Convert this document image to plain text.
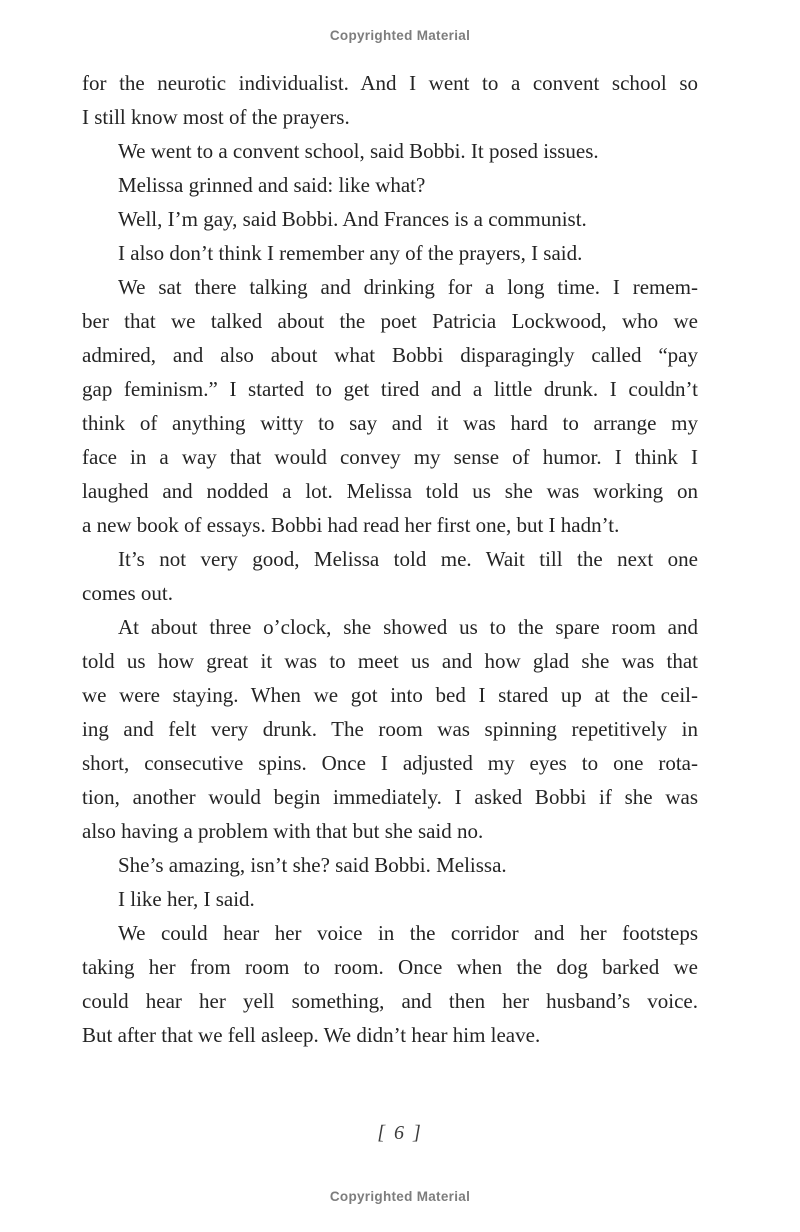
Copyrighted Material
for the neurotic individualist. And I went to a convent school so
I still know most of the prayers.
We went to a convent school, said Bobbi. It posed issues.
Melissa grinned and said: like what?
Well, I’m gay, said Bobbi. And Frances is a communist.
I also don’t think I remember any of the prayers, I said.
We sat there talking and drinking for a long time. I remem-
ber that we talked about the poet Patricia Lockwood, who we
admired, and also about what Bobbi disparagingly called “pay
gap feminism.” I started to get tired and a little drunk. I couldn’t
think of anything witty to say and it was hard to arrange my
face in a way that would convey my sense of humor. I think I
laughed and nodded a lot. Melissa told us she was working on
a new book of essays. Bobbi had read her first one, but I hadn’t.
It’s not very good, Melissa told me. Wait till the next one
comes out.
At about three o’clock, she showed us to the spare room and
told us how great it was to meet us and how glad she was that
we were staying. When we got into bed I stared up at the ceil-
ing and felt very drunk. The room was spinning repetitively in
short, consecutive spins. Once I adjusted my eyes to one rota-
tion, another would begin immediately. I asked Bobbi if she was
also having a problem with that but she said no.
She’s amazing, isn’t she? said Bobbi. Melissa.
I like her, I said.
We could hear her voice in the corridor and her footsteps
taking her from room to room. Once when the dog barked we
could hear her yell something, and then her husband’s voice.
But after that we fell asleep. We didn’t hear him leave.
[ 6 ]
Copyrighted Material
